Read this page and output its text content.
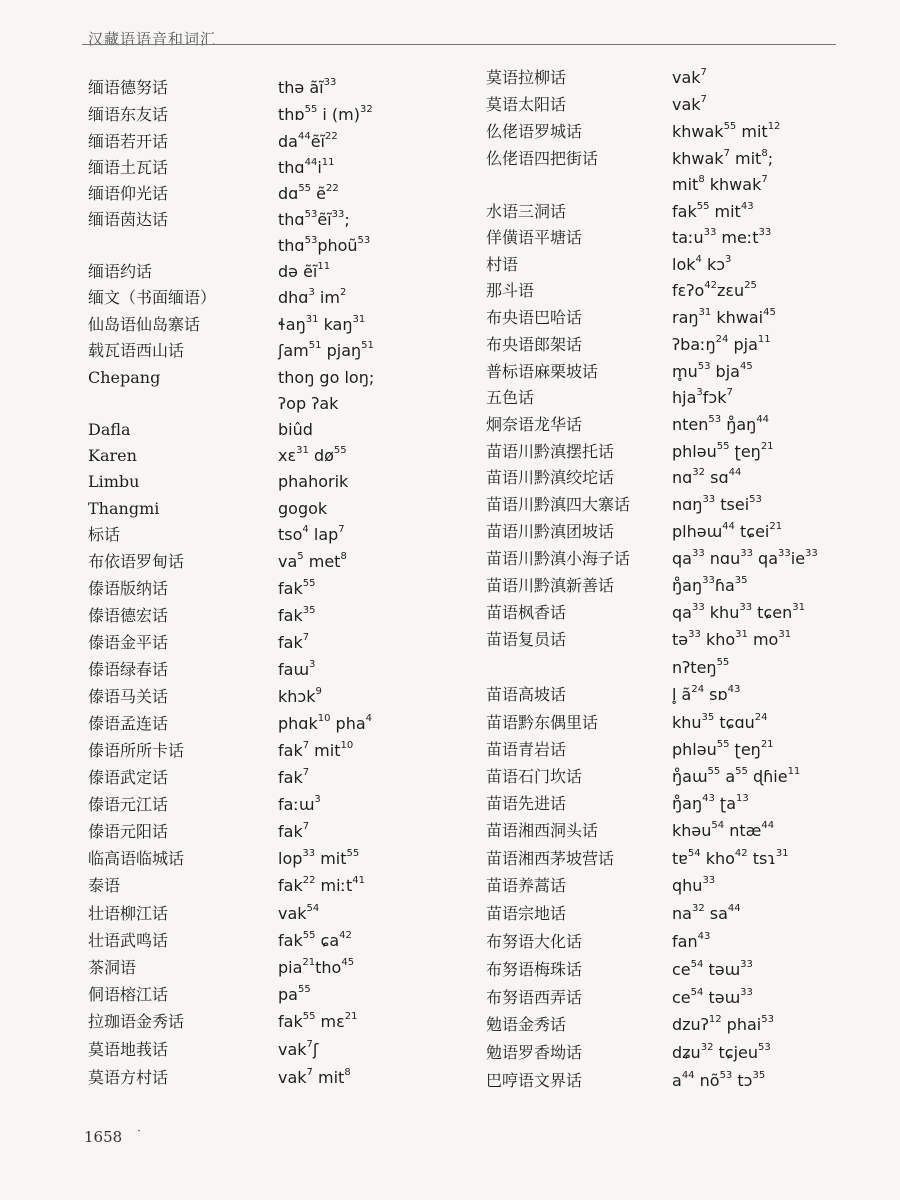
汉藏语语音和词汇
缅语德努话	thə $ãĩ^{33}$
缅语东友话	thɒ$^{55}$ i $(m)^{32}$
缅语若开话	$da^{44}ẽĩ^{22}$
缅语土瓦话	$thɑ^{44}i^{11}$
缅语仰光话	dɑ$^{55}$ ẽ$^{22}$
缅语茵达话	thɑ$^{53}$ẽĩ$^{33}$;
thɑ$^{53}$phoũ$^{53}$
缅语约话	də ẽĩ$^{11}$
缅文（书面缅语）	dhɑ$^3$ $im^2$
仙岛语仙岛寨话	ɬaŋ$^{31}$ kaŋ$^{31}$
载瓦语西山话	ʃam$^{51}$ pjaŋ$^{51}$
Chepang	thoŋ go loŋ;
ʔop ʔak
Dafla	biûd
Karen	xɛ$^{31}$ $dø^{55}$
Limbu	phahorik
Thangmi	gogok
标话	tso$^4$ lap$^7$
布依语罗甸话	$va^5$ met$^8$
傣语版纳话	fak$^{55}$
傣语德宏话	fak$^{35}$
傣语金平话	fak$^7$
傣语绿春话	faɯ$^3$
傣语马关话	khɔk$^9$
傣语孟连话	phɑk$^{10}$ pha$^4$
傣语所所卡话	fak$^7$ mit$^{10}$
傣语武定话	fak$^7$
傣语元江话	faːɯ$^3$
傣语元阳话	fak$^7$
临高语临城话	lop$^{33}$ mit$^{55}$
泰语	fak$^{22}$ miːt$^{41}$
壮语柳江话	vak$^{54}$
壮语武鸣话	fak$^{55}$ ɕa$^{42}$
茶洞语	pia$^{21}$tho$^{45}$
侗语榕江话	$pa^{55}$
拉珈语金秀话	fak$^{55}$ mɛ$^{21}$
莫语地莪话	vak$^7$ʃ
莫语方村话	vak$^7$ mit$^8$
莫语拉柳话	vak$^7$
莫语太阳话	vak$^7$
仫佬语罗城话	khwak$^{55}$ mit$^{12}$
仫佬语四把街话	khwak$^7$ mit$^8$;
mit$^8$ khwak$^7$
水语三洞话	fak$^{55}$ mit$^{43}$
佯僙语平塘话	taːu$^{33}$ meːt$^{33}$
村语	lok$^4$ kɔ$^3$
那斗语	fɛʔo$^{42}$zɛu$^{25}$
布央语巴哈话	raŋ$^{31}$ khwai$^{45}$
布央语郎架话	ʔbaːŋ$^{24}$ pja$^{11}$
普标语麻栗坡话	$m̥u^{53}$ bja$^{45}$
五色话	hja$^3$fɔk$^7$
炯奈语龙华话	nten$^{53}$ $ŋ̊aŋ^{44}$
苗语川黔滇摆托话	phləu$^{55}$ ʈeŋ$^{21}$
苗语川黔滇绞坨话	nɑ$^{32}$ sɑ$^{44}$
苗语川黔滇四大寨话	nɑŋ$^{33}$ tsei$^{53}$
苗语川黔滇团坡话	plhəɯ$^{44}$ tɕei$^{21}$
苗语川黔滇小海子话	$qa^{33}$ nɑu$^{33}$ $qa^{33}ie^{33}$
苗语川黔滇新善话	$ŋ̊aŋ^{33}ɦa^{35}$
苗语枫香话	$qa^{33}$ khu$^{33}$ tɕen$^{31}$
苗语复员话	tə$^{33}$ kho$^{31}$ $mo^{31}$
nʔteŋ$^{55}$
苗语高坡话	l̥ $ã^{24}$ sɒ$^{43}$
苗语黔东偶里话	khu$^{35}$ tɕɑu$^{24}$
苗语青岩话	phləu$^{55}$ ʈeŋ$^{21}$
苗语石门坎话	ŋ̊aɯ$^{55}$ $a^{55}$ ɖɦie$^{11}$
苗语先进话	$ŋ̊aŋ^{43}$ ʈa$^{13}$
苗语湘西洞头话	khəu$^{54}$ ntæ$^{44}$
苗语湘西茅坡营话	tɐ$^{54}$ kho$^{42}$ tsɿ$^{31}$
苗语养蒿话	qhu$^{33}$
苗语宗地话	$na^{32}$ $sa^{44}$
布努语大化话	fan$^{43}$
布努语梅珠话	$ce^{54}$ təɯ$^{33}$
布努语西弄话	$ce^{54}$ təɯ$^{33}$
勉语金秀话	dzuʔ$^{12}$ phai$^{53}$
勉语罗香坳话	dʑu$^{32}$ tɕjeu$^{53}$
巴哼语文界话	$a^{44}$ $nõ^{53}$ tɔ$^{35}$
1658 ·
